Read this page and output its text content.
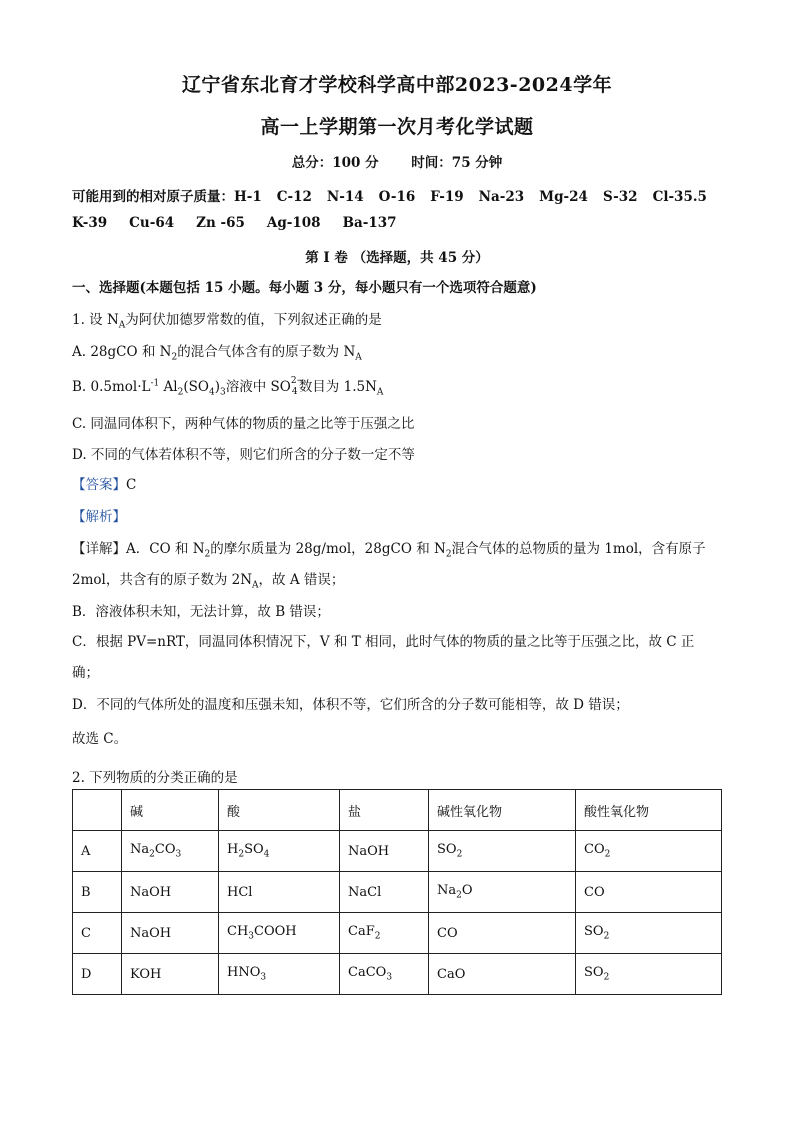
辽宁省东北育才学校科学高中部2023-2024学年
高一上学期第一次月考化学试题
总分：100 分 时间：75 分钟
可能用到的相对原子质量：H-1 C-12 N-14 O-16 F-19 Na-23 Mg-24 S-32 Cl-35.5
K-39 Cu-64 Zn -65 Ag-108 Ba-137
第 I 卷 （选择题，共 45 分）
一、选择题(本题包括 15 小题。每小题 3 分，每小题只有一个选项符合题意)
1. 设 $N_A$为阿伏加德罗常数的值，下列叙述正确的是
A. 28gCO 和 $N_2$的混合气体含有的原子数为 $N_A$
B. $0.5mol\cdot L^{-1}$ $Al_2(SO_4)_3$溶液中 SO 2−
4 数目为 $1.5N_A$
C. 同温同体积下，两种气体的物质的量之比等于压强之比
D. 不同的气体若体积不等，则它们所含的分子数一定不等
【答案】C
【解析】
【详解】A．CO 和 $N_2$的摩尔质量为 28g/mol，28gCO 和 $N_2$混合气体的总物质的量为 1mol，含有原子
2mol，共含有的原子数为 $2N_A$，故 A 错误；
B．溶液体积未知，无法计算，故 B 错误；
C．根据 PV=nRT，同温同体积情况下，V 和 T 相同，此时气体的物质的量之比等于压强之比，故 C 正
确；
D．不同的气体所处的温度和压强未知，体积不等，它们所含的分子数可能相等，故 D 错误；
故选 C。
2. 下列物质的分类正确的是
	碱	酸	盐	碱性氧化物	酸性氧化物
A	$Na_2CO_3$	$H_2SO_4$	NaOH	$SO_2$	$CO_2$
B	NaOH	HCl	NaCl	$Na_2O$	CO
C	NaOH	$CH_3COOH$	CaF$_2$	CO	$SO_2$
D	KOH	$HNO_3$	CaCO$_3$	CaO	$SO_2$
